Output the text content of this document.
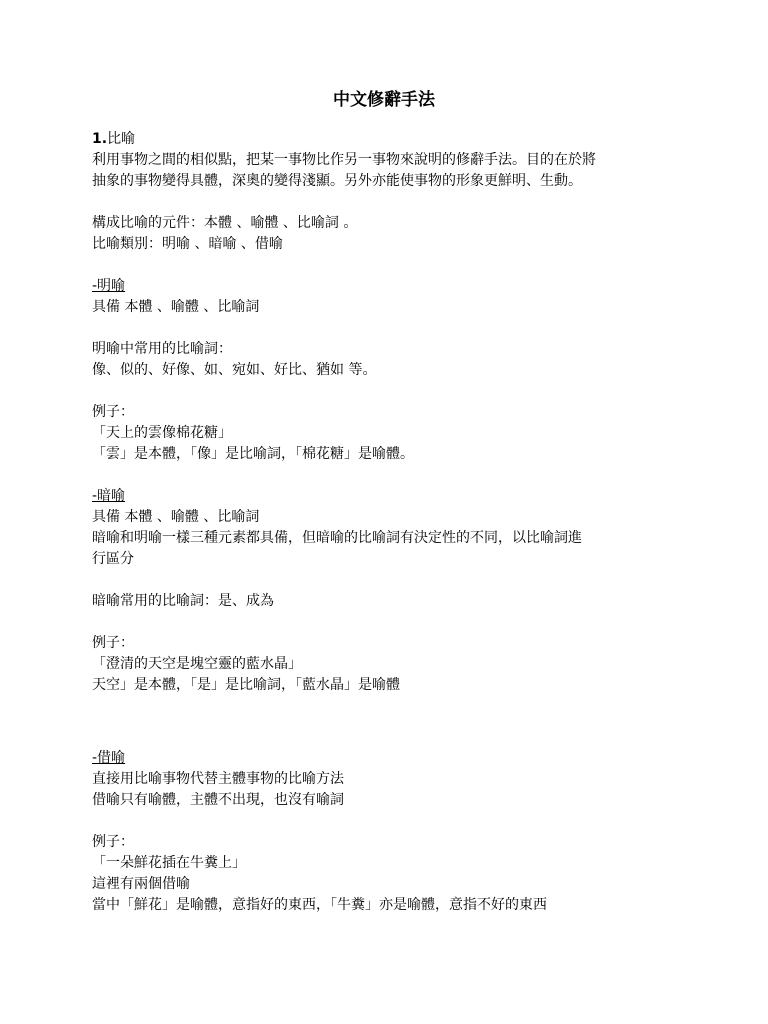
中文修辭手法
1.比喻
利用事物之間的相似點，把某一事物比作另一事物來說明的修辭手法。目的在於將
抽象的事物變得具體，深奧的變得淺顯。另外亦能使事物的形象更鮮明、生動。
構成比喻的元件：本體 、喻體 、比喻詞 。
比喻類別：明喻 、暗喻 、借喻
-明喻
具備 本體 、喻體 、比喻詞
明喻中常用的比喻詞：
像、似的、好像、如、宛如、好比、猶如 等。
例子：
「天上的雲像棉花糖」
「雲」是本體，「像」是比喻詞，「棉花糖」是喻體。
-暗喻
具備 本體 、喻體 、比喻詞
暗喻和明喻一樣三種元素都具備，但暗喻的比喻詞有決定性的不同，以比喻詞進
行區分
暗喻常用的比喻詞：是、成為
例子：
「澄清的天空是塊空靈的藍水晶」
天空」是本體，「是」是比喻詞，「藍水晶」是喻體
-借喻
直接用比喻事物代替主體事物的比喻方法
借喻只有喻體，主體不出現，也沒有喻詞
例子：
「一朵鮮花插在牛糞上」
這裡有兩個借喻
當中「鮮花」是喻體，意指好的東西，「牛糞」亦是喻體，意指不好的東西
